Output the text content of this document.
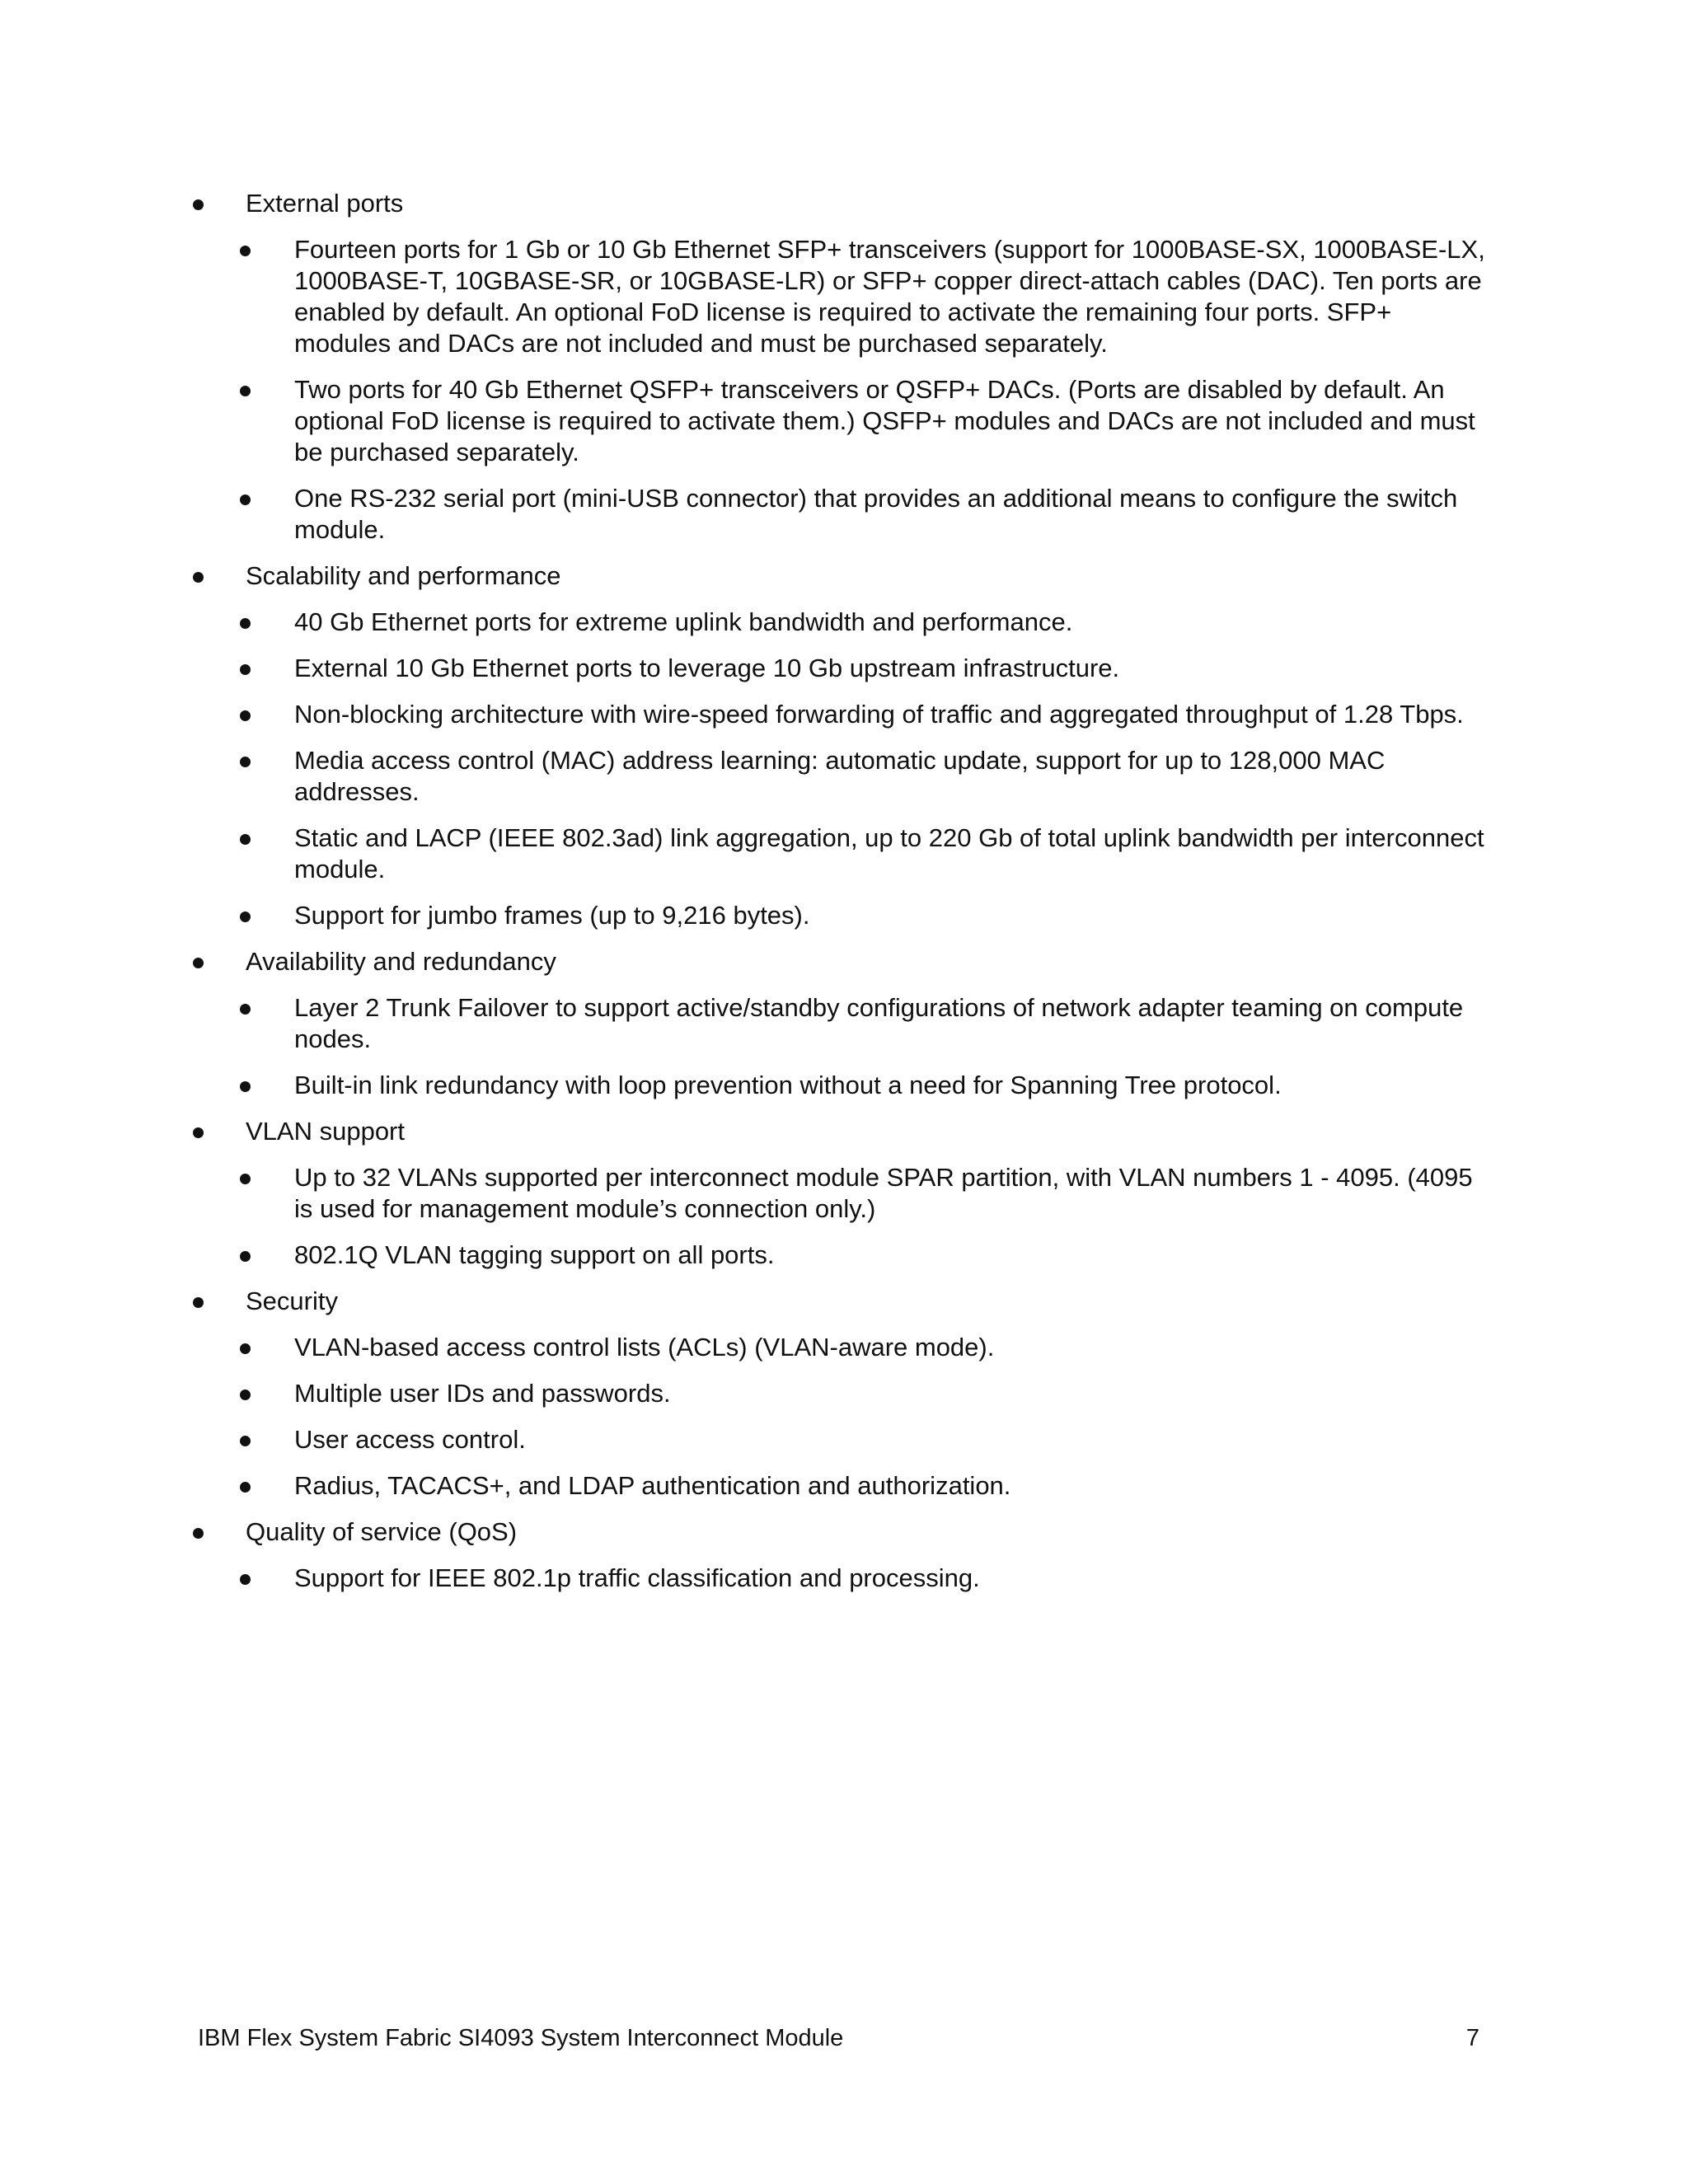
External ports
Fourteen ports for 1 Gb or 10 Gb Ethernet SFP+ transceivers (support for 1000BASE-SX, 1000BASE-LX, 1000BASE-T, 10GBASE-SR, or 10GBASE-LR) or SFP+ copper direct-attach cables (DAC). Ten ports are enabled by default. An optional FoD license is required to activate the remaining four ports. SFP+ modules and DACs are not included and must be purchased separately.
Two ports for 40 Gb Ethernet QSFP+ transceivers or QSFP+ DACs. (Ports are disabled by default. An optional FoD license is required to activate them.) QSFP+ modules and DACs are not included and must be purchased separately.
One RS-232 serial port (mini-USB connector) that provides an additional means to configure the switch module.
Scalability and performance
40 Gb Ethernet ports for extreme uplink bandwidth and performance.
External 10 Gb Ethernet ports to leverage 10 Gb upstream infrastructure.
Non-blocking architecture with wire-speed forwarding of traffic and aggregated throughput of 1.28 Tbps.
Media access control (MAC) address learning: automatic update, support for up to 128,000 MAC addresses.
Static and LACP (IEEE 802.3ad) link aggregation, up to 220 Gb of total uplink bandwidth per interconnect module.
Support for jumbo frames (up to 9,216 bytes).
Availability and redundancy
Layer 2 Trunk Failover to support active/standby configurations of network adapter teaming on compute nodes.
Built-in link redundancy with loop prevention without a need for Spanning Tree protocol.
VLAN support
Up to 32 VLANs supported per interconnect module SPAR partition, with VLAN numbers 1 - 4095. (4095 is used for management module’s connection only.)
802.1Q VLAN tagging support on all ports.
Security
VLAN-based access control lists (ACLs) (VLAN-aware mode).
Multiple user IDs and passwords.
User access control.
Radius, TACACS+, and LDAP authentication and authorization.
Quality of service (QoS)
Support for IEEE 802.1p traffic classification and processing.
IBM Flex System Fabric SI4093 System Interconnect Module	7
